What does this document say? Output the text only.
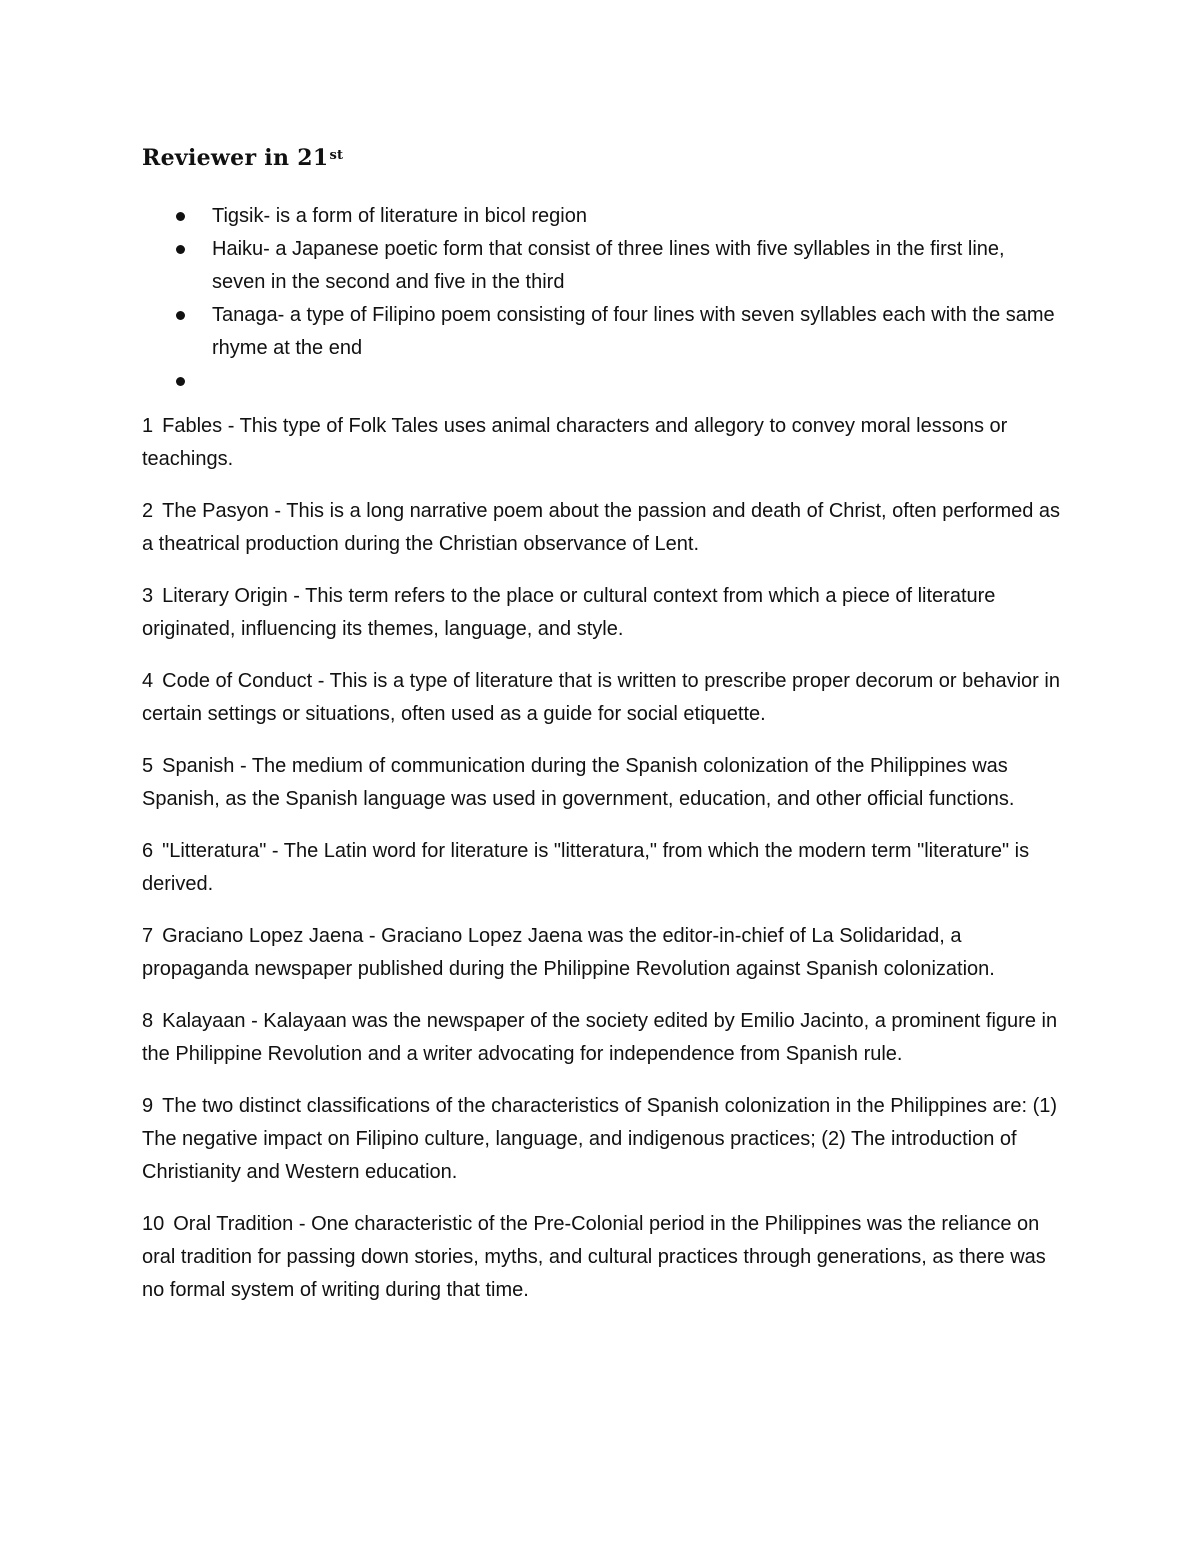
Reviewer in 21st
Tigsik- is a form of literature in bicol region
Haiku- a Japanese poetic form that consist of three lines with five syllables in the first line, seven in the second and five in the third
Tanaga- a type of Filipino poem consisting of four lines with seven syllables each with the same rhyme at the end

1 Fables - This type of Folk Tales uses animal characters and allegory to convey moral lessons or teachings.

2 The Pasyon - This is a long narrative poem about the passion and death of Christ, often performed as a theatrical production during the Christian observance of Lent.

3 Literary Origin - This term refers to the place or cultural context from which a piece of literature originated, influencing its themes, language, and style.

4 Code of Conduct - This is a type of literature that is written to prescribe proper decorum or behavior in certain settings or situations, often used as a guide for social etiquette.

5 Spanish - The medium of communication during the Spanish colonization of the Philippines was Spanish, as the Spanish language was used in government, education, and other official functions.

6 "Litteratura" - The Latin word for literature is "litteratura," from which the modern term "literature" is derived.

7 Graciano Lopez Jaena - Graciano Lopez Jaena was the editor-in-chief of La Solidaridad, a propaganda newspaper published during the Philippine Revolution against Spanish colonization.

8 Kalayaan - Kalayaan was the newspaper of the society edited by Emilio Jacinto, a prominent figure in the Philippine Revolution and a writer advocating for independence from Spanish rule.

9 The two distinct classifications of the characteristics of Spanish colonization in the Philippines are: (1) The negative impact on Filipino culture, language, and indigenous practices; (2) The introduction of Christianity and Western education.

10 Oral Tradition - One characteristic of the Pre-Colonial period in the Philippines was the reliance on oral tradition for passing down stories, myths, and cultural practices through generations, as there was no formal system of writing during that time.
